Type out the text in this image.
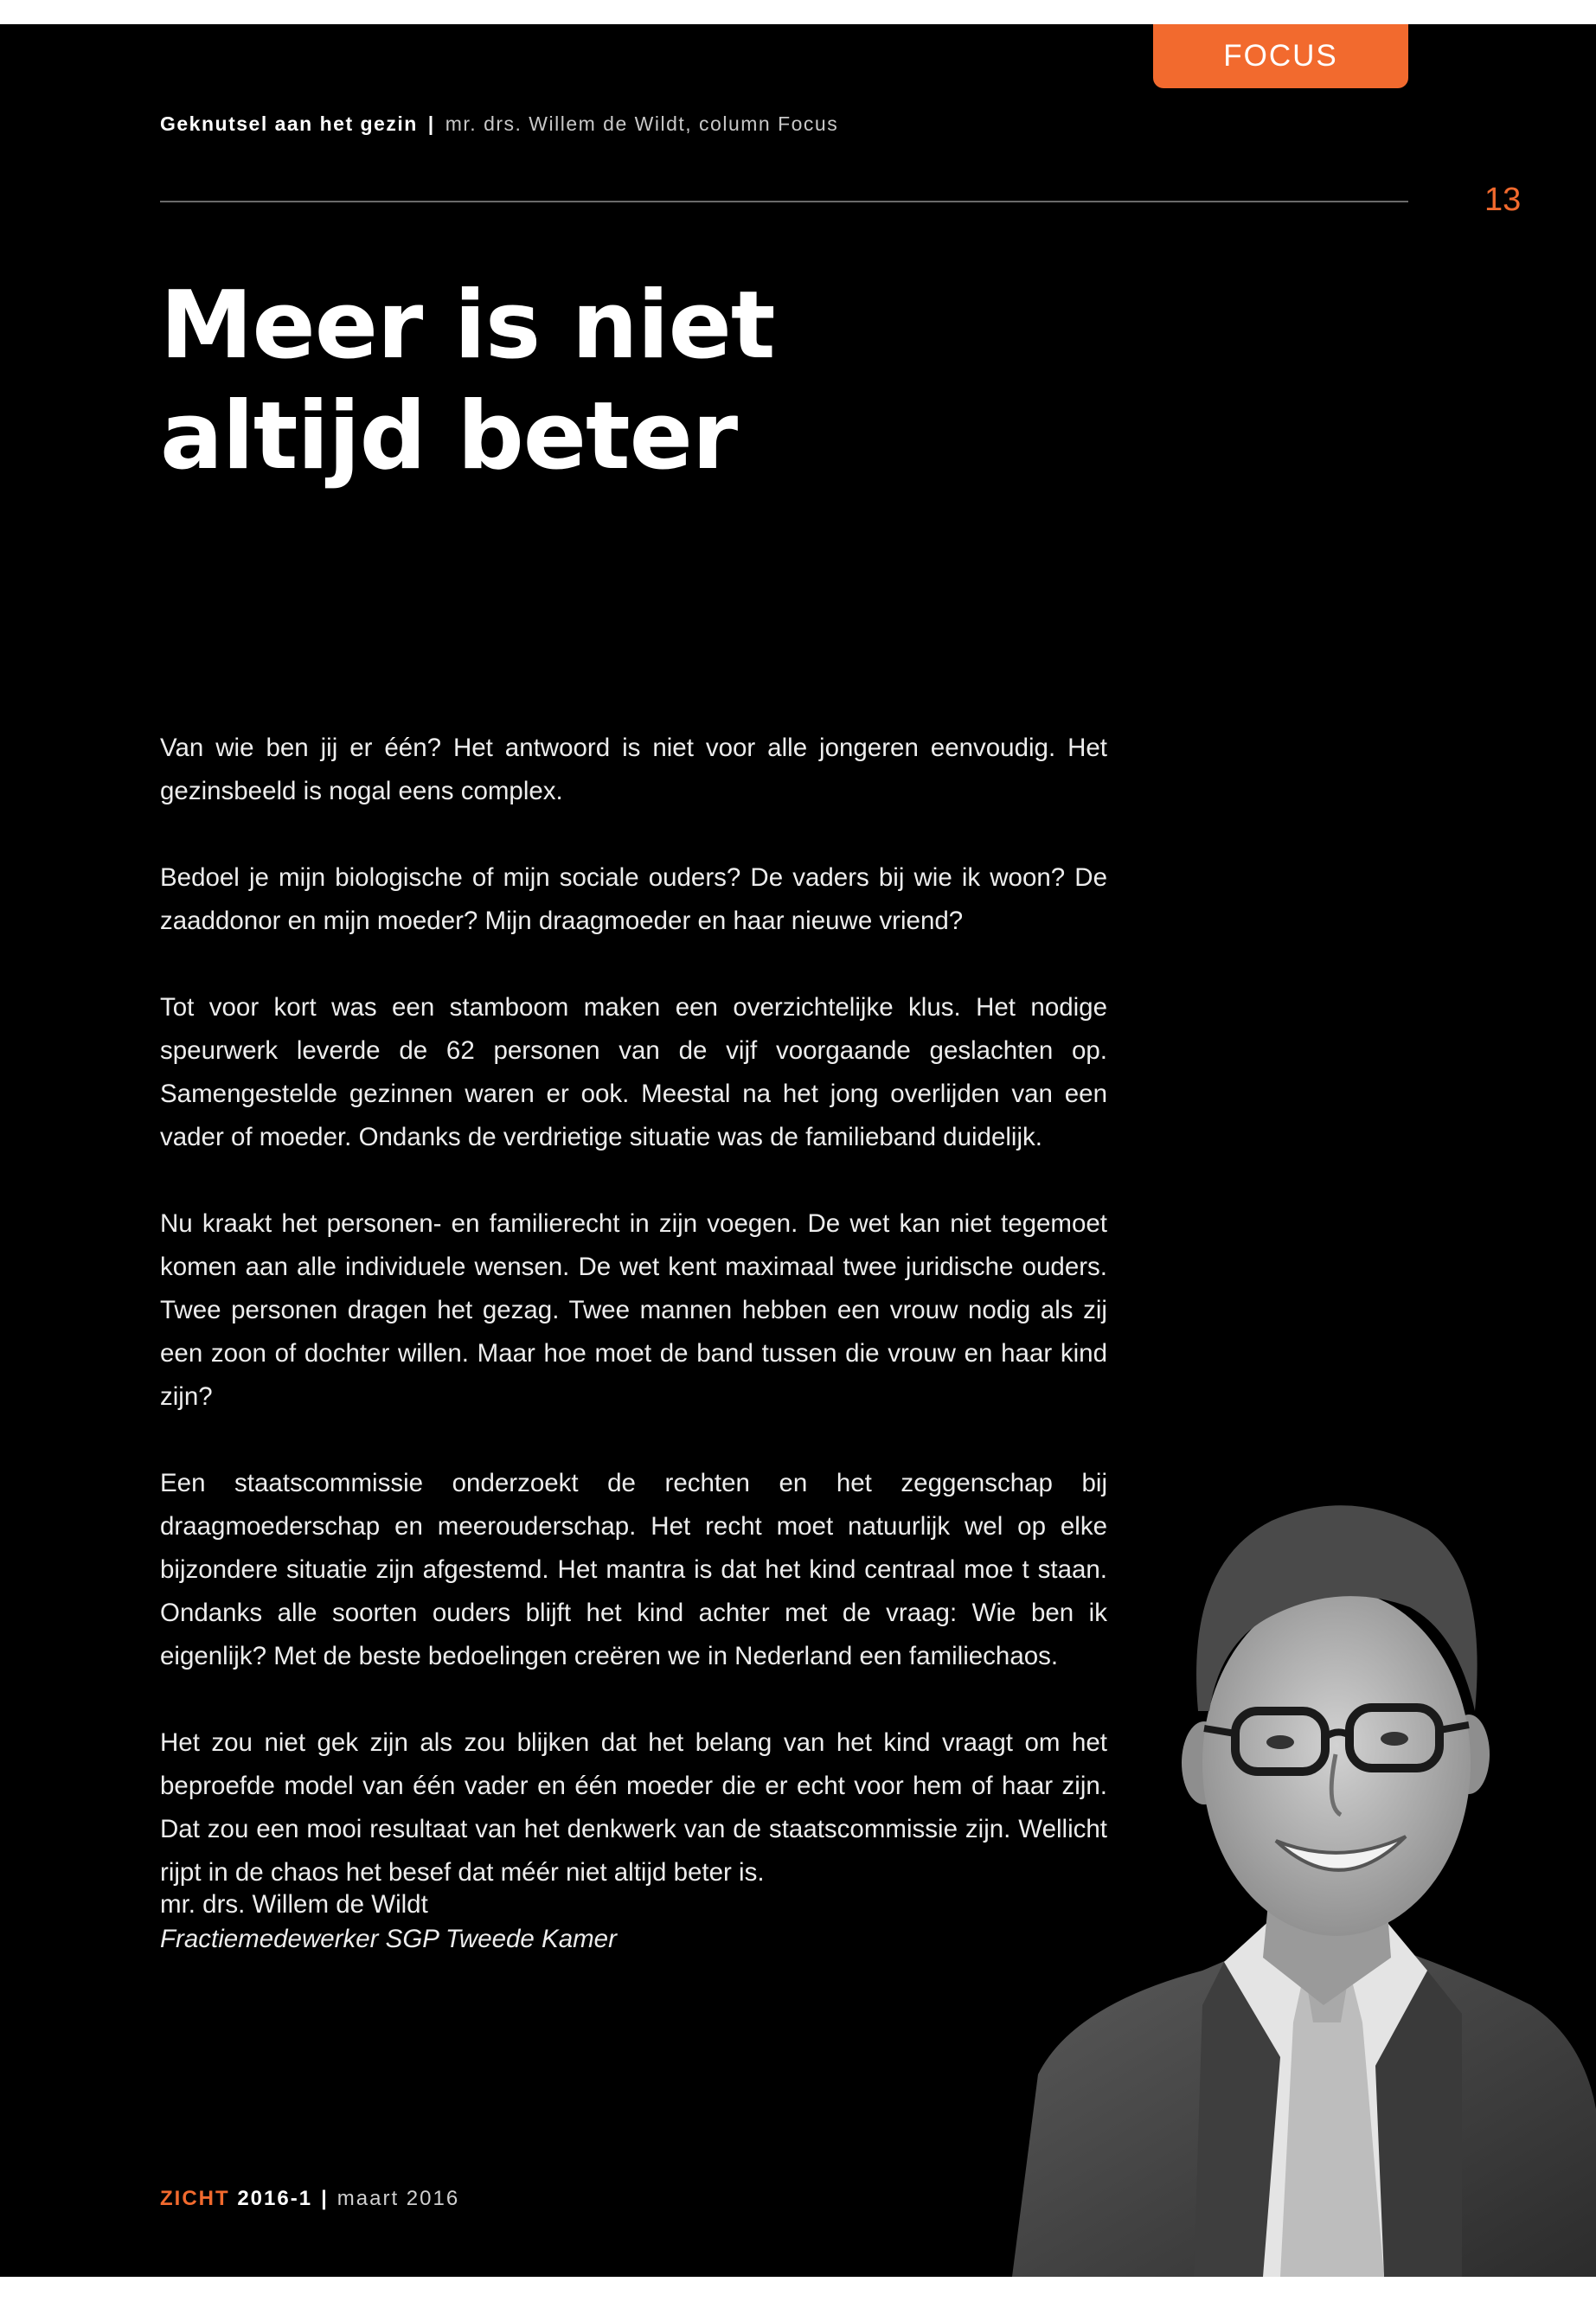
FOCUS
Geknutsel aan het gezin | mr. drs. Willem de Wildt, column Focus
13
Meer is niet
altijd beter

Van wie ben jij er één? Het antwoord is niet voor alle jongeren eenvoudig. Het gezinsbeeld is nogal eens complex.

Bedoel je mijn biologische of mijn sociale ouders? De vaders bij wie ik woon? De zaaddonor en mijn moeder? Mijn draagmoeder en haar nieuwe vriend?

Tot voor kort was een stamboom maken een overzichtelijke klus. Het nodige speurwerk leverde de 62 personen van de vijf voorgaande geslachten op. Samengestelde gezinnen waren er ook. Meestal na het jong overlijden van een vader of moeder. Ondanks de verdrietige situatie was de familieband duidelijk.

Nu kraakt het personen- en familierecht in zijn voegen. De wet kan niet tegemoet komen aan alle individuele wensen. De wet kent maximaal twee juridische ouders. Twee personen dragen het gezag. Twee mannen hebben een vrouw nodig als zij een zoon of dochter willen. Maar hoe moet de band tussen die vrouw en haar kind zijn?

Een staatscommissie onderzoekt de rechten en het zeggenschap bij draagmoederschap en meerouderschap. Het recht moet natuurlijk wel op elke bijzondere situatie zijn afgestemd. Het mantra is dat het kind centraal moe t staan. Ondanks alle soorten ouders blijft het kind achter met de vraag: Wie ben ik eigenlijk? Met de beste bedoelingen creëren we in Nederland een familiechaos.

Het zou niet gek zijn als zou blijken dat het belang van het kind vraagt om het beproefde model van één vader en één moeder die er echt voor hem of haar zijn. Dat zou een mooi resultaat van het denkwerk van de staatscommissie zijn. Wellicht rijpt in de chaos het besef dat méér niet altijd beter is.

mr. drs. Willem de Wildt
Fractiemedewerker SGP Tweede Kamer
ZICHT 2016-1 | maart 2016
